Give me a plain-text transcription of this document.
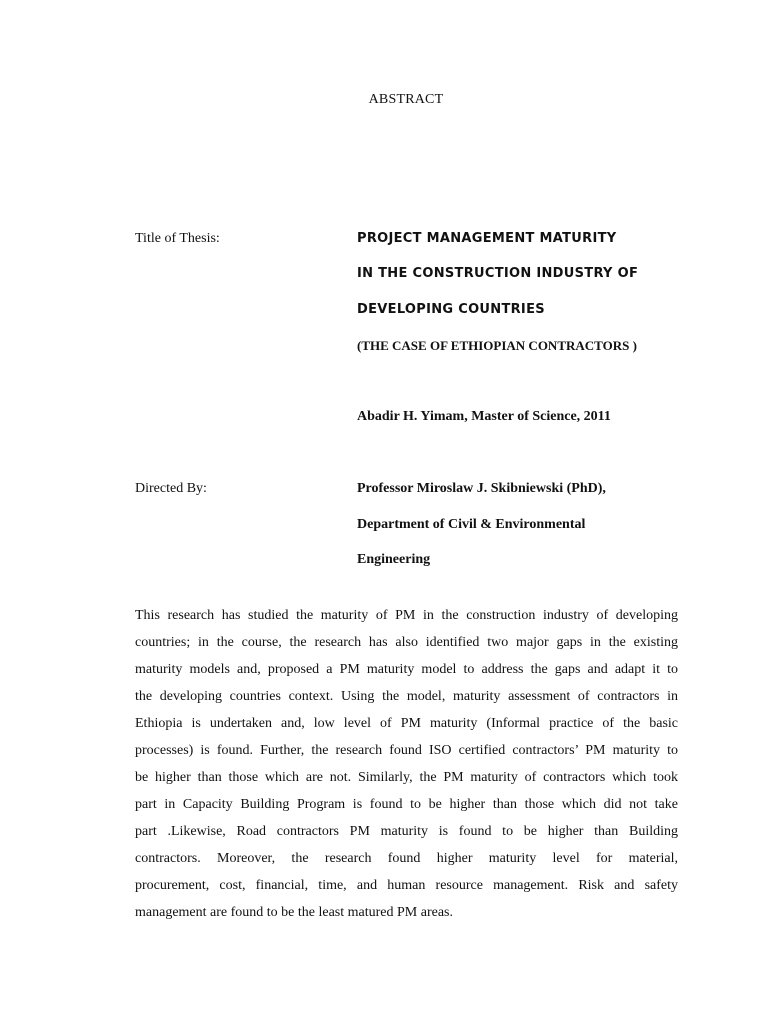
ABSTRACT
Title of Thesis:	PROJECT MANAGEMENT MATURITY
IN THE CONSTRUCTION INDUSTRY OF
DEVELOPING COUNTRIES
(THE CASE OF ETHIOPIAN CONTRACTORS )
Abadir H. Yimam, Master of Science, 2011
Directed By:	Professor Miroslaw J. Skibniewski (PhD),
Department of Civil & Environmental
Engineering
This research has studied the maturity of PM in the construction industry of developing
countries; in the course, the research has also identified two major gaps in the existing
maturity models and, proposed a PM maturity model to address the gaps and adapt it to
the developing countries context. Using the model, maturity assessment of contractors in
Ethiopia is undertaken and, low level of PM maturity (Informal practice of the basic
processes) is found. Further, the research found ISO certified contractors’ PM maturity to
be higher than those which are not. Similarly, the PM maturity of contractors which took
part in Capacity Building Program is found to be higher than those which did not take
part .Likewise, Road contractors PM maturity is found to be higher than Building
contractors. Moreover, the research found higher maturity level for material,
procurement, cost, financial, time, and human resource management. Risk and safety
management are found to be the least matured PM areas.
